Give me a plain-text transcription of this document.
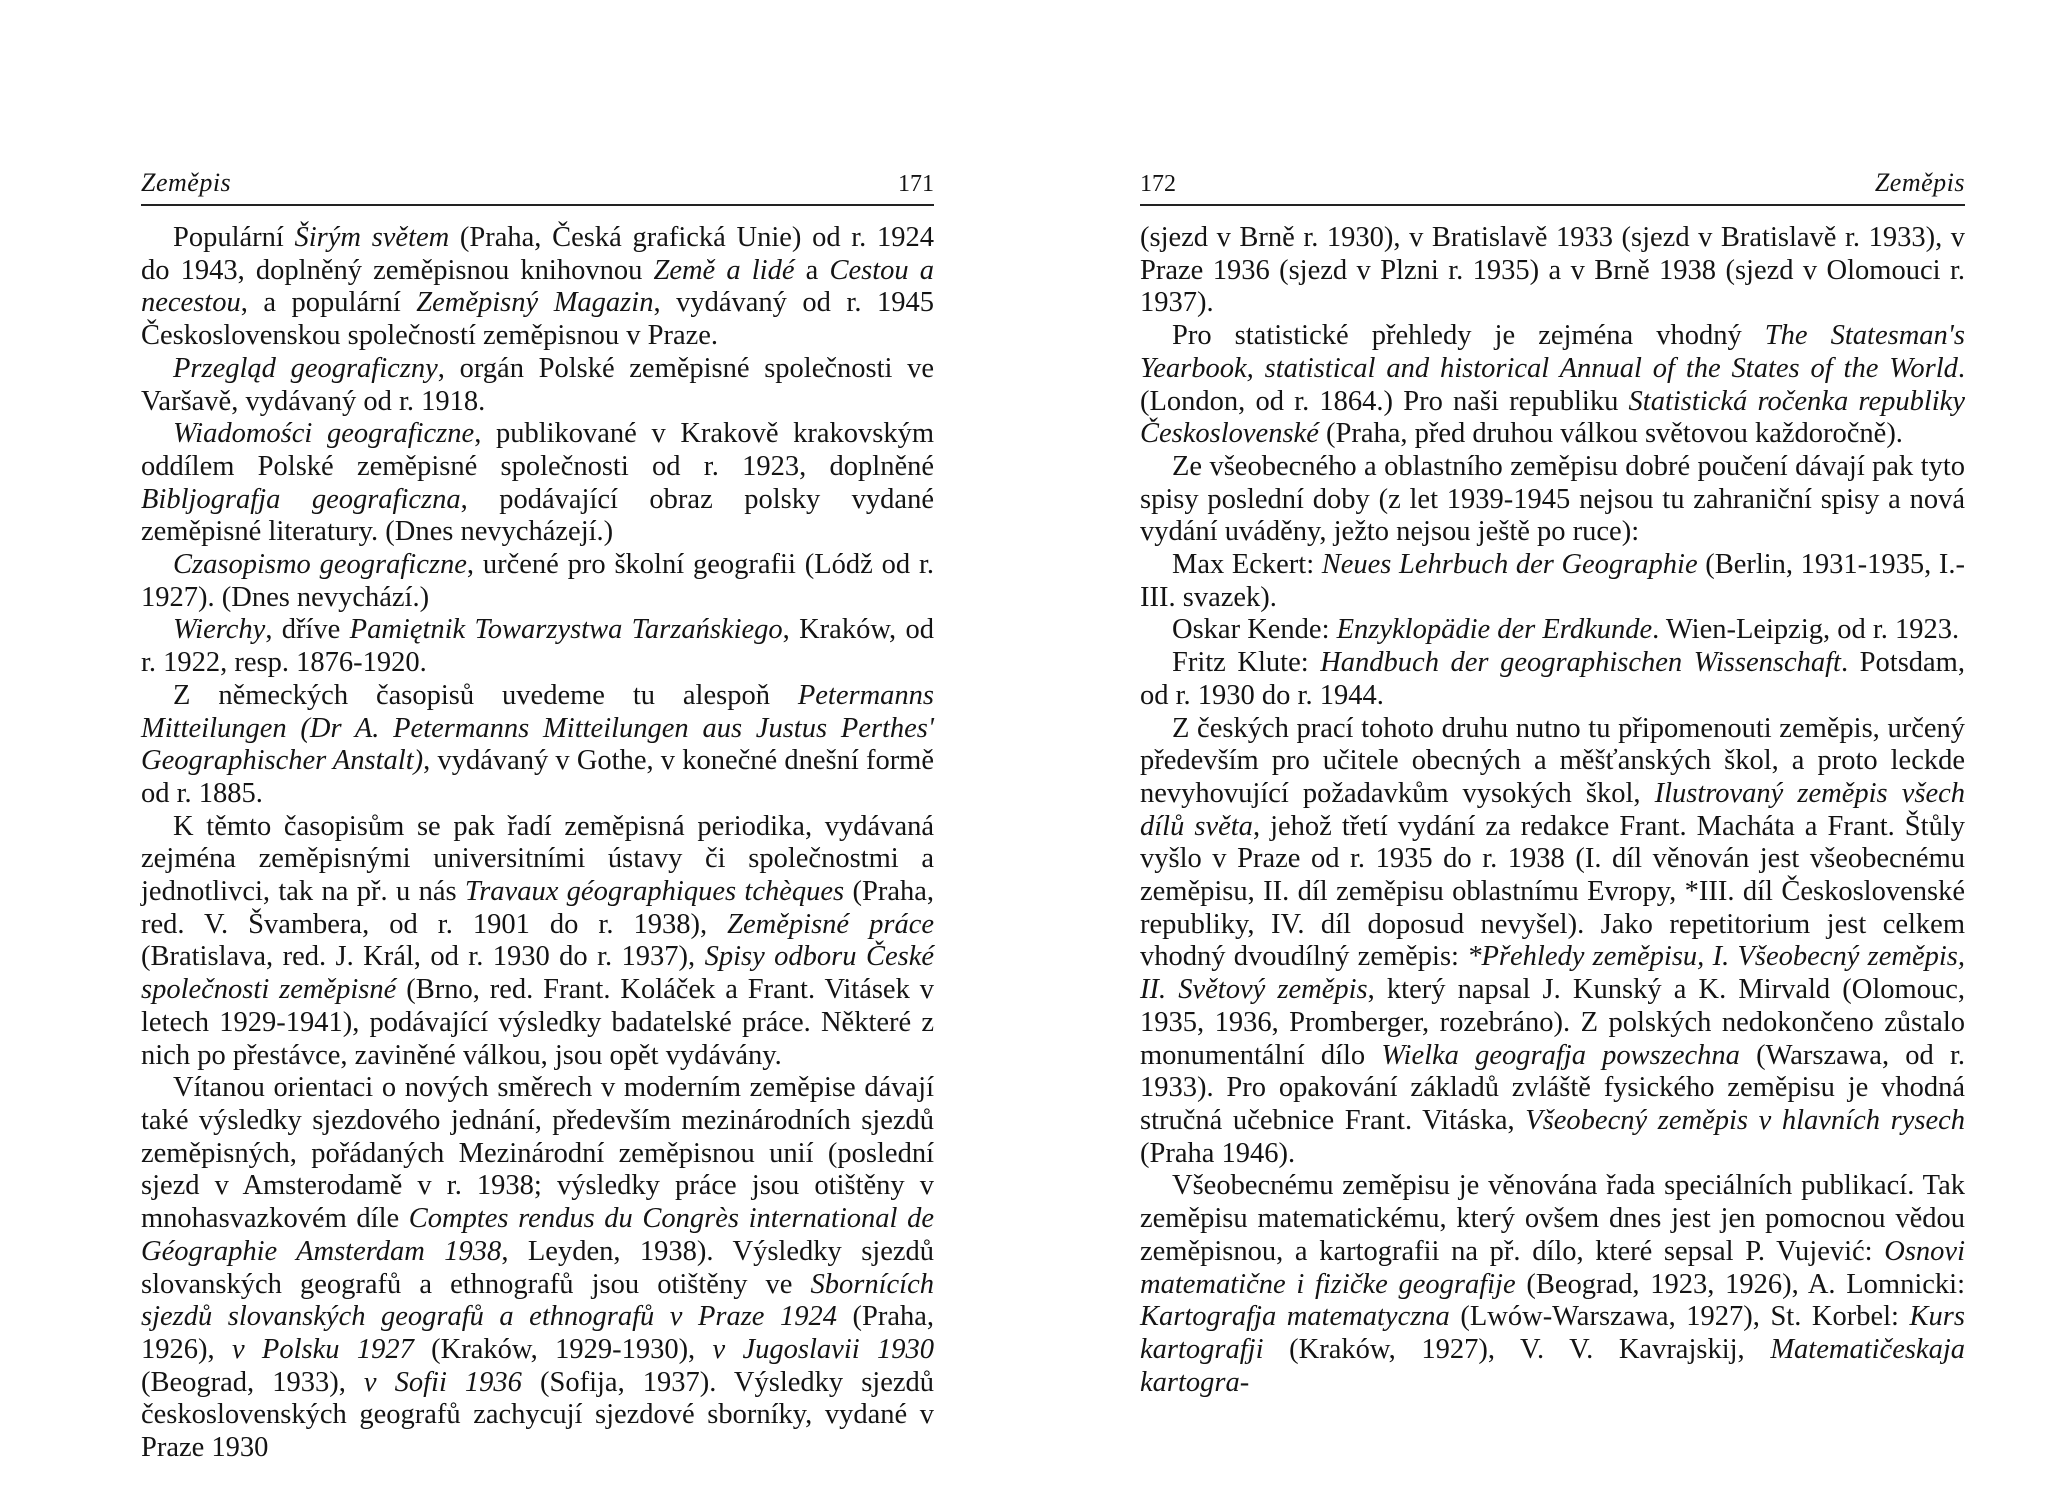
Zeměpis	171

Populární Širým světem (Praha, Česká grafická Unie) od r. 1924 do 1943, doplněný zeměpisnou knihovnou Země a lidé a Cestou a necestou, a populární Zeměpisný Magazin, vydávaný od r. 1945 Československou společností zeměpisnou v Praze.

Przegląd geograficzny, orgán Polské zeměpisné společnosti ve Varšavě, vydávaný od r. 1918.

Wiadomości geograficzne, publikované v Krakově krakovským oddílem Polské zeměpisné společnosti od r. 1923, doplněné Bibljografja geograficzna, podávající obraz polsky vydané zeměpisné literatury. (Dnes nevycházejí.)

Czasopismo geograficzne, určené pro školní geografii (Lódž od r. 1927). (Dnes nevychází.)

Wierchy, dříve Pamiętnik Towarzystwa Tarzańskiego, Kraków, od r. 1922, resp. 1876-1920.

Z německých časopisů uvedeme tu alespoň Petermanns Mitteilungen (Dr A. Petermanns Mitteilungen aus Justus Perthes' Geographischer Anstalt), vydávaný v Gothe, v konečné dnešní formě od r. 1885.

K těmto časopisům se pak řadí zeměpisná periodika, vydávaná zejména zeměpisnými universitními ústavy či společnostmi a jednotlivci, tak na př. u nás Travaux géographiques tchèques (Praha, red. V. Švambera, od r. 1901 do r. 1938), Zeměpisné práce (Bratislava, red. J. Král, od r. 1930 do r. 1937), Spisy odboru České společnosti zeměpisné (Brno, red. Frant. Koláček a Frant. Vitásek v letech 1929-1941), podávající výsledky badatelské práce. Některé z nich po přestávce, zaviněné válkou, jsou opět vydávány.

Vítanou orientaci o nových směrech v moderním zeměpise dávají také výsledky sjezdového jednání, především mezinárodních sjezdů zeměpisných, pořádaných Mezinárodní zeměpisnou unií (poslední sjezd v Amsterodamě v r. 1938; výsledky práce jsou otištěny v mnohasvazkovém díle Comptes rendus du Congrès international de Géographie Amsterdam 1938, Leyden, 1938). Výsledky sjezdů slovanských geografů a ethnografů jsou otištěny ve Sbornících sjezdů slovanských geografů a ethnografů v Praze 1924 (Praha, 1926), v Polsku 1927 (Kraków, 1929-1930), v Jugoslavii 1930 (Beograd, 1933), v Sofii 1936 (Sofija, 1937). Výsledky sjezdů československých geografů zachycují sjezdové sborníky, vydané v Praze 1930

172	Zeměpis

(sjezd v Brně r. 1930), v Bratislavě 1933 (sjezd v Bratislavě r. 1933), v Praze 1936 (sjezd v Plzni r. 1935) a v Brně 1938 (sjezd v Olomouci r. 1937).

Pro statistické přehledy je zejména vhodný The Statesman's Yearbook, statistical and historical Annual of the States of the World. (London, od r. 1864.) Pro naši republiku Statistická ročenka republiky Československé (Praha, před druhou válkou světovou každoročně).

Ze všeobecného a oblastního zeměpisu dobré poučení dávají pak tyto spisy poslední doby (z let 1939-1945 nejsou tu zahraniční spisy a nová vydání uváděny, ježto nejsou ještě po ruce):

Max Eckert: Neues Lehrbuch der Geographie (Berlin, 1931-1935, I.-III. svazek).

Oskar Kende: Enzyklopädie der Erdkunde. Wien-Leipzig, od r. 1923.

Fritz Klute: Handbuch der geographischen Wissenschaft. Potsdam, od r. 1930 do r. 1944.

Z českých prací tohoto druhu nutno tu připomenouti zeměpis, určený především pro učitele obecných a měšťanských škol, a proto leckde nevyhovující požadavkům vysokých škol, Ilustrovaný zeměpis všech dílů světa, jehož třetí vydání za redakce Frant. Macháta a Frant. Štůly vyšlo v Praze od r. 1935 do r. 1938 (I. díl věnován jest všeobecnému zeměpisu, II. díl zeměpisu oblastnímu Evropy, *III. díl Československé republiky, IV. díl doposud nevyšel). Jako repetitorium jest celkem vhodný dvoudílný zeměpis: *Přehledy zeměpisu, I. Všeobecný zeměpis, II. Světový zeměpis, který napsal J. Kunský a K. Mirvald (Olomouc, 1935, 1936, Promberger, rozebráno). Z polských nedokončeno zůstalo monumentální dílo Wielka geografja powszechna (Warszawa, od r. 1933). Pro opakování základů zvláště fysického zeměpisu je vhodná stručná učebnice Frant. Vitáska, Všeobecný zeměpis v hlavních rysech (Praha 1946).

Všeobecnému zeměpisu je věnována řada speciálních publikací. Tak zeměpisu matematickému, který ovšem dnes jest jen pomocnou vědou zeměpisnou, a kartografii na př. dílo, které sepsal P. Vujević: Osnovi matematične i fizičke geografije (Beograd, 1923, 1926), A. Lomnicki: Kartografja matematyczna (Lwów-Warszawa, 1927), St. Korbel: Kurs kartografji (Kraków, 1927), V. V. Kavrajskij, Matematičeskaja kartogra-
